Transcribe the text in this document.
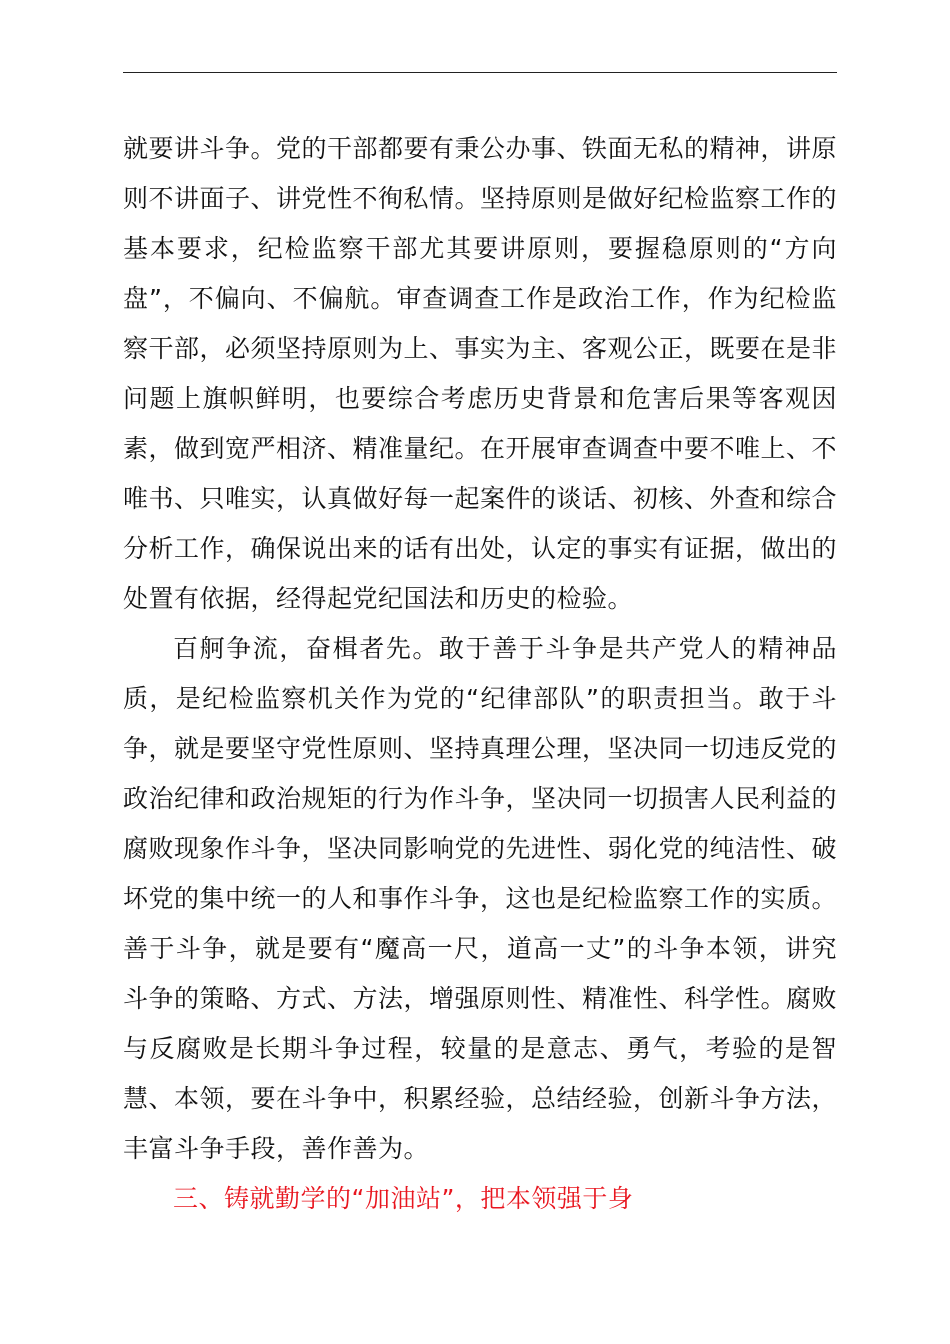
就要讲斗争。党的干部都要有秉公办事、铁面无私的精神，讲原则不讲面子、讲党性不徇私情。坚持原则是做好纪检监察工作的基本要求，纪检监察干部尤其要讲原则，要握稳原则的“方向盘”，不偏向、不偏航。审查调查工作是政治工作，作为纪检监察干部，必须坚持原则为上、事实为主、客观公正，既要在是非问题上旗帜鲜明，也要综合考虑历史背景和危害后果等客观因素，做到宽严相济、精准量纪。在开展审查调查中要不唯上、不唯书、只唯实，认真做好每一起案件的谈话、初核、外查和综合分析工作，确保说出来的话有出处，认定的事实有证据，做出的处置有依据，经得起党纪国法和历史的检验。

百舸争流，奋楫者先。敢于善于斗争是共产党人的精神品质，是纪检监察机关作为党的“纪律部队”的职责担当。敢于斗争，就是要坚守党性原则、坚持真理公理，坚决同一切违反党的政治纪律和政治规矩的行为作斗争，坚决同一切损害人民利益的腐败现象作斗争，坚决同影响党的先进性、弱化党的纯洁性、破坏党的集中统一的人和事作斗争，这也是纪检监察工作的实质。善于斗争，就是要有“魔高一尺，道高一丈”的斗争本领，讲究斗争的策略、方式、方法，增强原则性、精准性、科学性。腐败与反腐败是长期斗争过程，较量的是意志、勇气，考验的是智慧、本领，要在斗争中，积累经验，总结经验，创新斗争方法，丰富斗争手段，善作善为。

三、铸就勤学的“加油站”，把本领强于身
